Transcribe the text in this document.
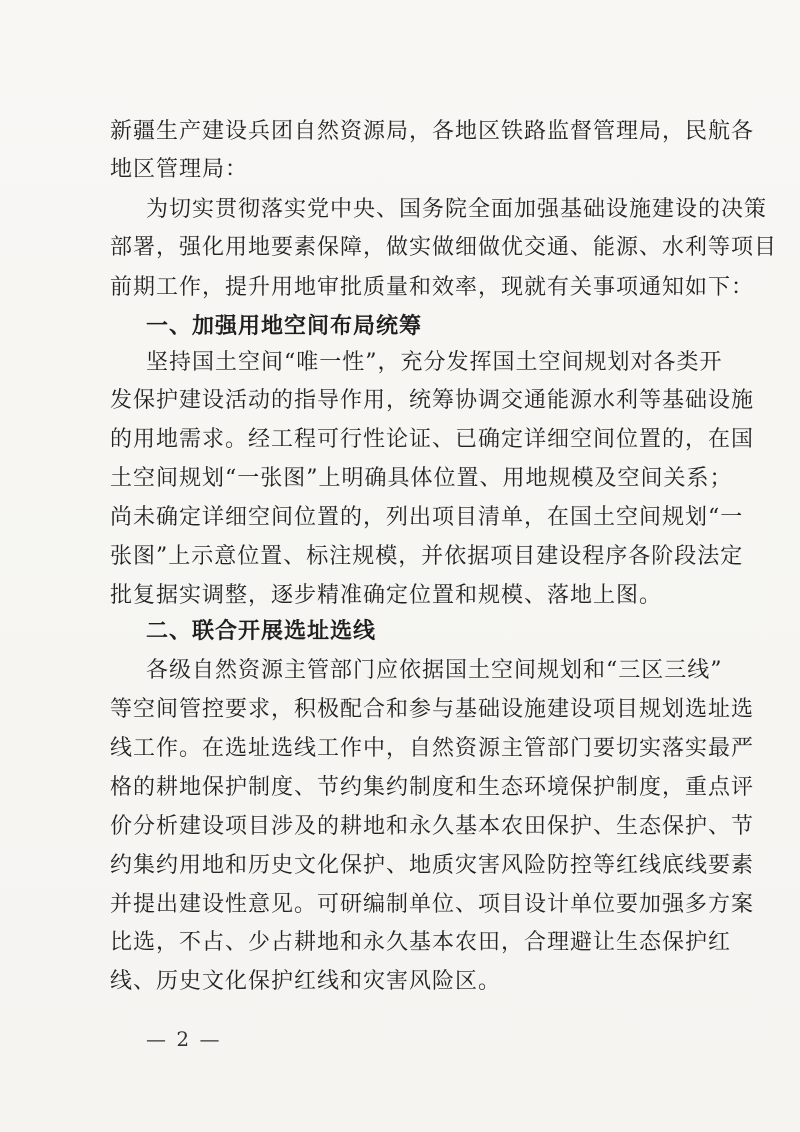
新疆生产建设兵团自然资源局，各地区铁路监督管理局，民航各
地区管理局：
为切实贯彻落实党中央、国务院全面加强基础设施建设的决策
部署，强化用地要素保障，做实做细做优交通、能源、水利等项目
前期工作，提升用地审批质量和效率，现就有关事项通知如下：
一、加强用地空间布局统筹
坚持国土空间“唯一性”，充分发挥国土空间规划对各类开
发保护建设活动的指导作用，统筹协调交通能源水利等基础设施
的用地需求。经工程可行性论证、已确定详细空间位置的，在国
土空间规划“一张图”上明确具体位置、用地规模及空间关系；
尚未确定详细空间位置的，列出项目清单，在国土空间规划“一
张图”上示意位置、标注规模，并依据项目建设程序各阶段法定
批复据实调整，逐步精准确定位置和规模、落地上图。
二、联合开展选址选线
各级自然资源主管部门应依据国土空间规划和“三区三线”
等空间管控要求，积极配合和参与基础设施建设项目规划选址选
线工作。在选址选线工作中，自然资源主管部门要切实落实最严
格的耕地保护制度、节约集约制度和生态环境保护制度，重点评
价分析建设项目涉及的耕地和永久基本农田保护、生态保护、节
约集约用地和历史文化保护、地质灾害风险防控等红线底线要素
并提出建设性意见。可研编制单位、项目设计单位要加强多方案
比选，不占、少占耕地和永久基本农田，合理避让生态保护红
线、历史文化保护红线和灾害风险区。
— 2 —
